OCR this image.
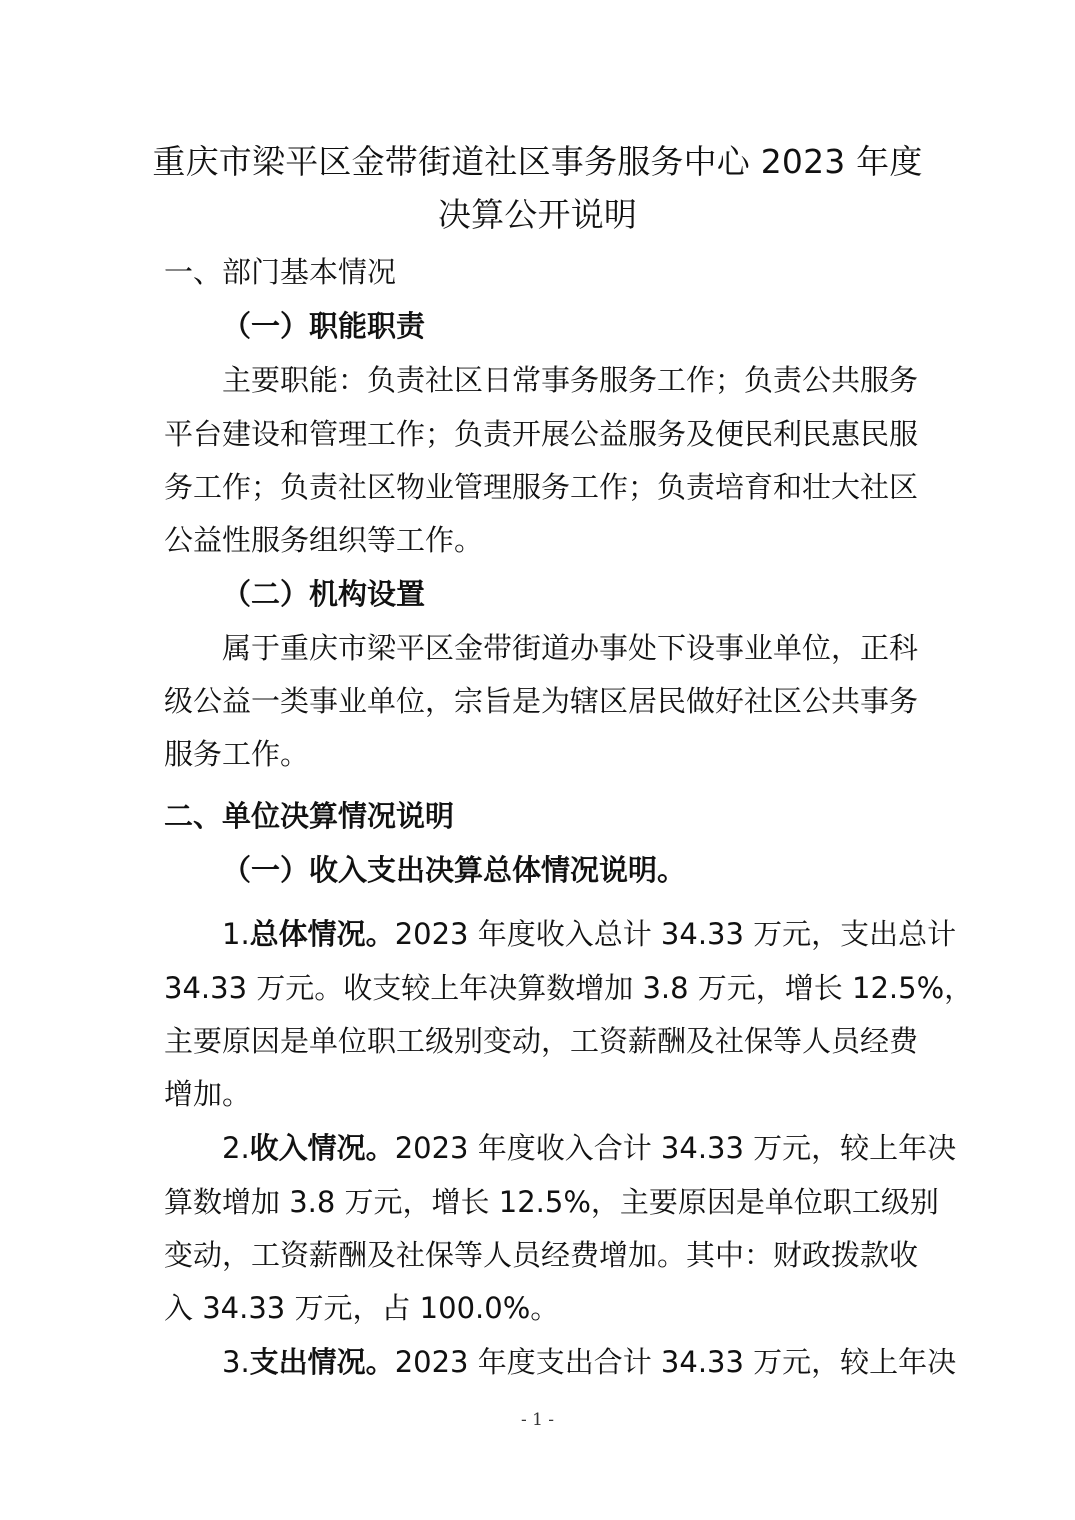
重庆市梁平区金带街道社区事务服务中心 2023 年度
决算公开说明

一、部门基本情况

（一）职能职责

主要职能：负责社区日常事务服务工作；负责公共服务

平台建设和管理工作；负责开展公益服务及便民利民惠民服

务工作；负责社区物业管理服务工作；负责培育和壮大社区

公益性服务组织等工作。

（二）机构设置

属于重庆市梁平区金带街道办事处下设事业单位，正科

级公益一类事业单位，宗旨是为辖区居民做好社区公共事务

服务工作。

二、单位决算情况说明

（一）收入支出决算总体情况说明。

1.总体情况。2023 年度收入总计 34.33 万元，支出总计

34.33 万元。收支较上年决算数增加 3.8 万元，增长 12.5%，

主要原因是单位职工级别变动，工资薪酬及社保等人员经费

增加。

2.收入情况。2023 年度收入合计 34.33 万元，较上年决

算数增加 3.8 万元，增长 12.5%，主要原因是单位职工级别

变动，工资薪酬及社保等人员经费增加。其中：财政拨款收

入 34.33 万元，占 100.0%。

3.支出情况。2023 年度支出合计 34.33 万元，较上年决

- 1 -
